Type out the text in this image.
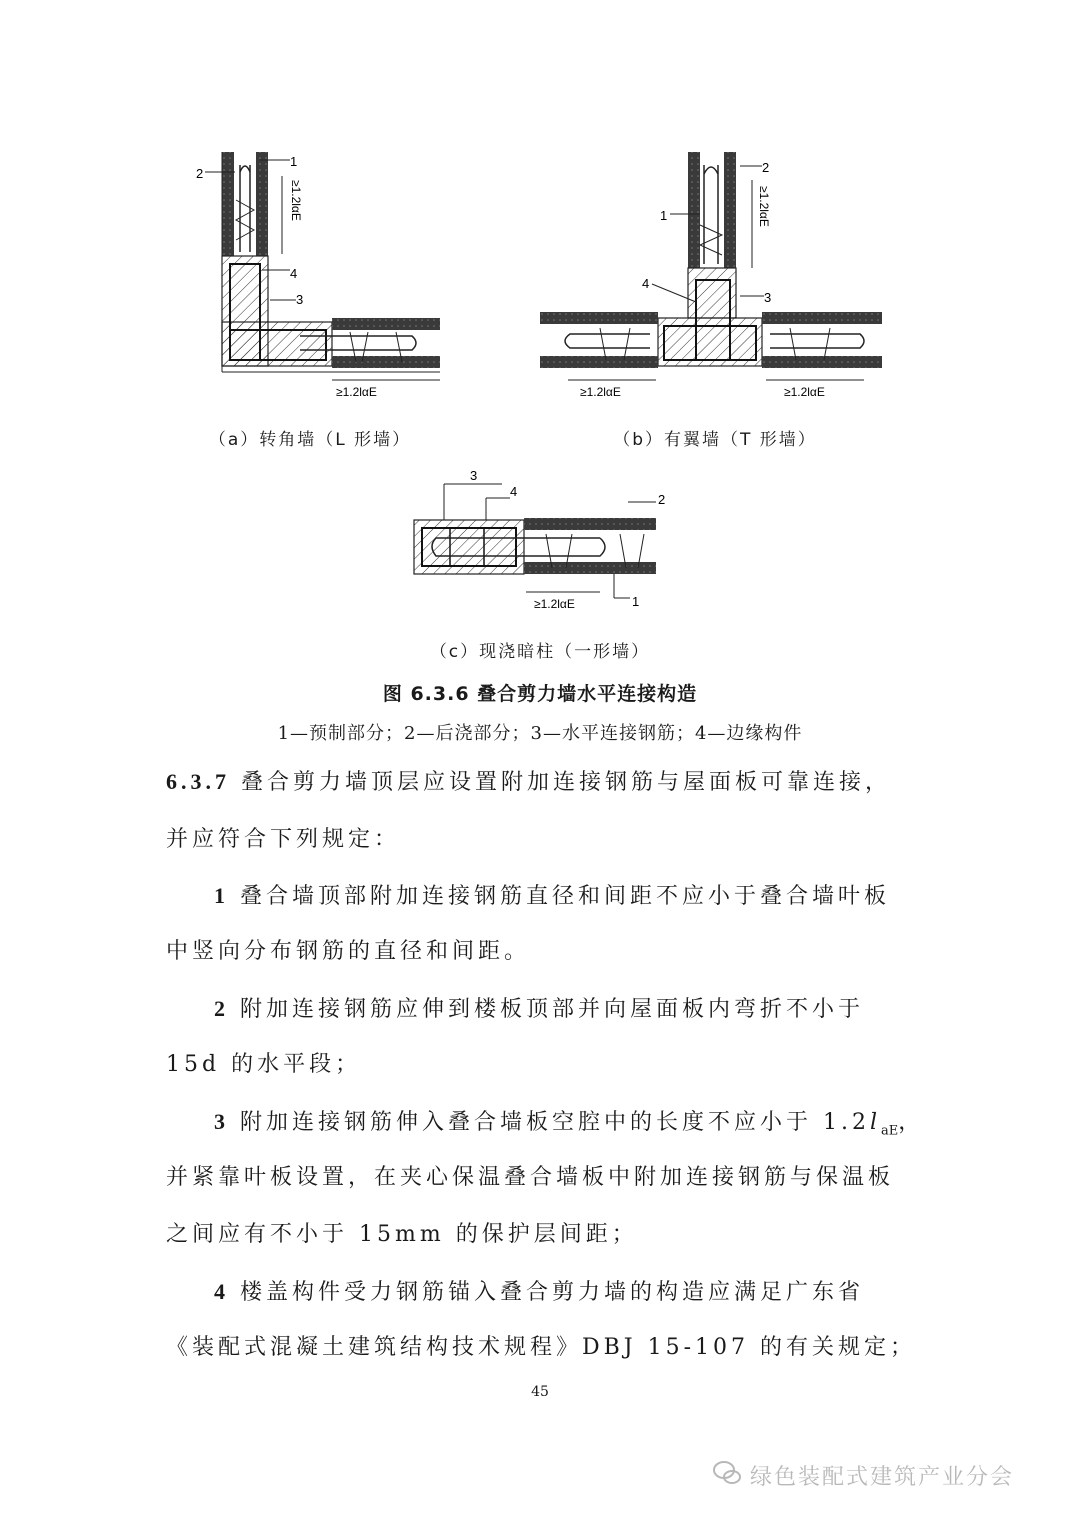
1
2
3
4
≥1.2lαE
≥1.2lαE
1
2
3
4
≥1.2lαE
≥1.2lαE	≥1.2lαE
1
2
3
4
≥1.2lαE
（a）转角墙（L 形墙）	（b）有翼墙（T 形墙）
（c）现浇暗柱（一形墙）
图 6.3.6 叠合剪力墙水平连接构造
1—预制部分；2—后浇部分；3—水平连接钢筋；4—边缘构件
6.3.7 叠合剪力墙顶层应设置附加连接钢筋与屋面板可靠连接，
并应符合下列规定：
1 叠合墙顶部附加连接钢筋直径和间距不应小于叠合墙叶板
中竖向分布钢筋的直径和间距。
2 附加连接钢筋应伸到楼板顶部并向屋面板内弯折不小于
15d 的水平段；
3 附加连接钢筋伸入叠合墙板空腔中的长度不应小于 $1.2l_{aE}$，
并紧靠叶板设置，在夹心保温叠合墙板中附加连接钢筋与保温板
之间应有不小于 15mm 的保护层间距；
4 楼盖构件受力钢筋锚入叠合剪力墙的构造应满足广东省
《装配式混凝土建筑结构技术规程》DBJ 15-107 的有关规定；
45
绿色装配式建筑产业分会
